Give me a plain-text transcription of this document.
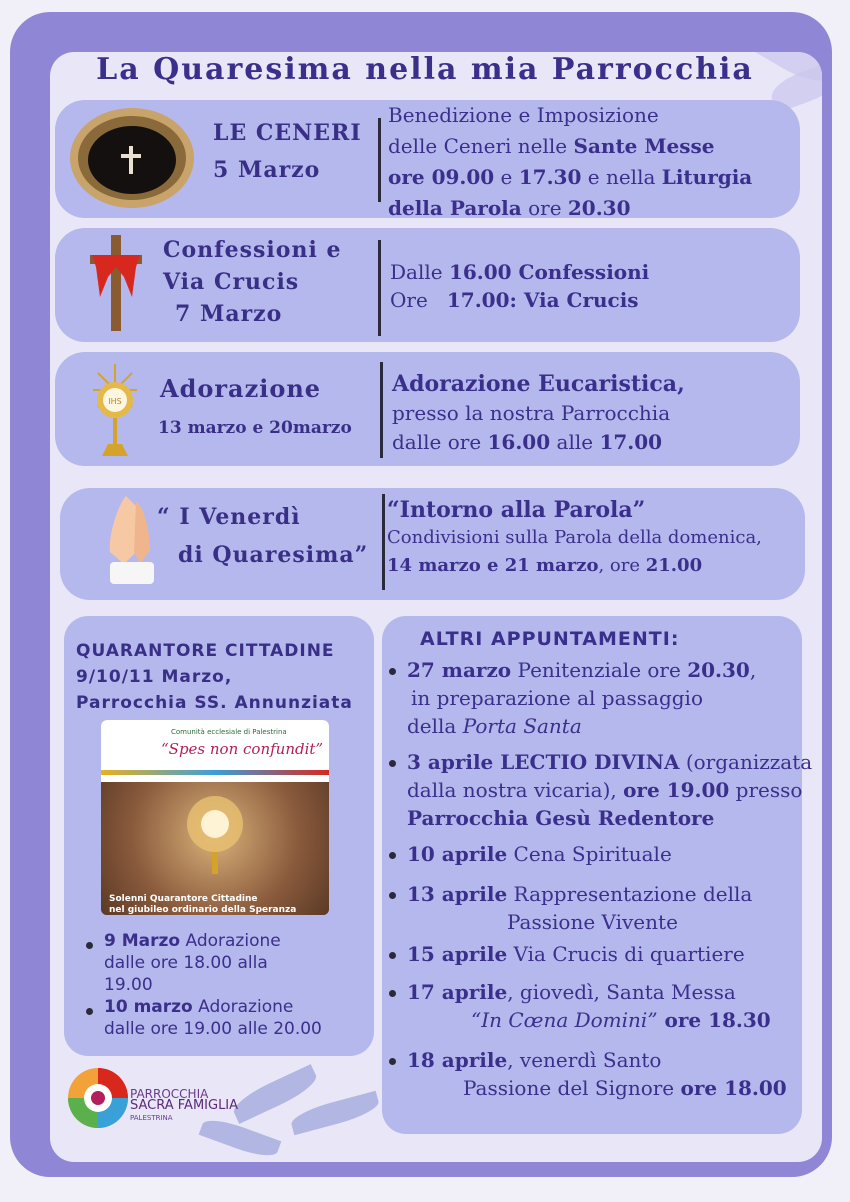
La Quaresima nella mia Parrocchia
LE CENERI
5 Marzo
Benedizione e Imposizione
delle Ceneri nelle Sante Messe
ore 09.00 e 17.30 e nella Liturgia
della Parola ore 20.30
Confessioni e
Via Crucis
7 Marzo
Dalle 16.00 Confessioni
Ore   17.00: Via Crucis
IHS Adorazione
13 marzo e 20marzo
Adorazione Eucaristica,
presso la nostra Parrocchia
dalle ore 16.00 alle 17.00
“ I Venerdì
di Quaresima”
“Intorno alla Parola”
Condivisioni sulla Parola della domenica,
14 marzo e 21 marzo, ore 21.00
QUARANTORE CITTADINE
9/10/11 Marzo,
Parrocchia SS. Annunziata
Comunità ecclesiale di Palestrina
“Spes non confundit”
Solenni Quarantore Cittadine
nel giubileo ordinario della Speranza
9 Marzo Adorazione
dalle ore 18.00 alla
19.00
10 marzo Adorazione
dalle ore 19.00 alle 20.00
ALTRI APPUNTAMENTI:
27 marzo Penitenziale ore 20.30,
in preparazione al passaggio
della Porta Santa
3 aprile LECTIO DIVINA (organizzata
dalla nostra vicaria), ore 19.00 presso
Parrocchia Gesù Redentore
10 aprile Cena Spirituale
13 aprile Rappresentazione della
Passione Vivente
15 aprile Via Crucis di quartiere
17 aprile, giovedì, Santa Messa
“In Cœna Domini” ore 18.30
18 aprile, venerdì Santo
Passione del Signore ore 18.00
PARROCCHIA
SACRA FAMIGLIA
PALESTRINA
